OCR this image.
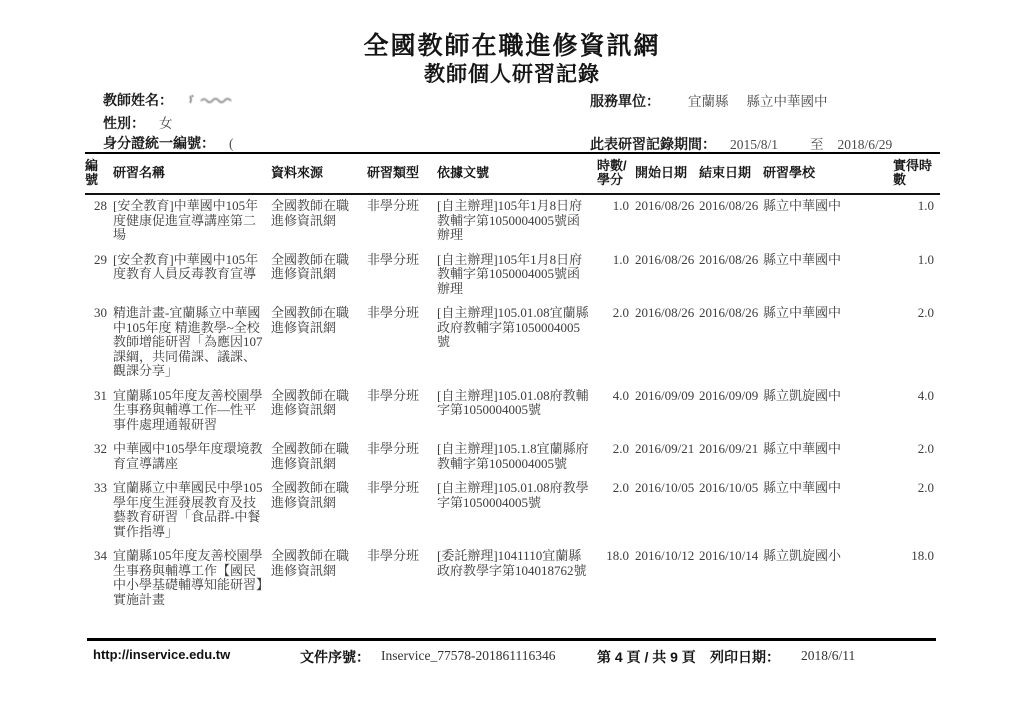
全國教師在職進修資訊網
教師個人研習記錄
教師姓名：	服務單位： 宜蘭縣 縣立中華國中
性別： 女
身分證統一編號： (	此表研習記錄期間： 2015/8/1 至 2018/6/29
編號	研習名稱	資料來源	研習類型	依據文號	時數/學分	開始日期	結束日期	研習學校	實得時數
28	[安全教育]中華國中105年度健康促進宣導講座第二場	全國教師在職進修資訊網	非學分班	[自主辦理]105年1月8日府教輔字第1050004005號函辦理	1.0	2016/08/26	2016/08/26	縣立中華國中	1.0
29	[安全教育]中華國中105年度教育人員反毒教育宣導	全國教師在職進修資訊網	非學分班	[自主辦理]105年1月8日府教輔字第1050004005號函辦理	1.0	2016/08/26	2016/08/26	縣立中華國中	1.0
30	精進計畫-宜蘭縣立中華國中105年度 精進教學~全校教師增能研習「為應因107課綱，共同備課、議課、觀課分享」	全國教師在職進修資訊網	非學分班	[自主辦理]105.01.08宜蘭縣政府教輔字第1050004005號	2.0	2016/08/26	2016/08/26	縣立中華國中	2.0
31	宜蘭縣105年度友善校園學生事務與輔導工作—性平事件處理通報研習	全國教師在職進修資訊網	非學分班	[自主辦理]105.01.08府教輔字第1050004005號	4.0	2016/09/09	2016/09/09	縣立凱旋國中	4.0
32	中華國中105學年度環境教育宣導講座	全國教師在職進修資訊網	非學分班	[自主辦理]105.1.8宜蘭縣府教輔字第1050004005號	2.0	2016/09/21	2016/09/21	縣立中華國中	2.0
33	宜蘭縣立中華國民中學105學年度生涯發展教育及技藝教育研習「食品群-中餐實作指導」	全國教師在職進修資訊網	非學分班	[自主辦理]105.01.08府教學字第1050004005號	2.0	2016/10/05	2016/10/05	縣立中華國中	2.0
34	宜蘭縣105年度友善校園學生事務與輔導工作【國民中小學基礎輔導知能研習】實施計畫	全國教師在職進修資訊網	非學分班	[委託辦理]1041110宜蘭縣政府教學字第104018762號	18.0	2016/10/12	2016/10/14	縣立凱旋國小	18.0
http://inservice.edu.tw	文件序號： Inservice_77578-201861116346	第 4 頁 / 共 9 頁 列印日期： 2018/6/11
